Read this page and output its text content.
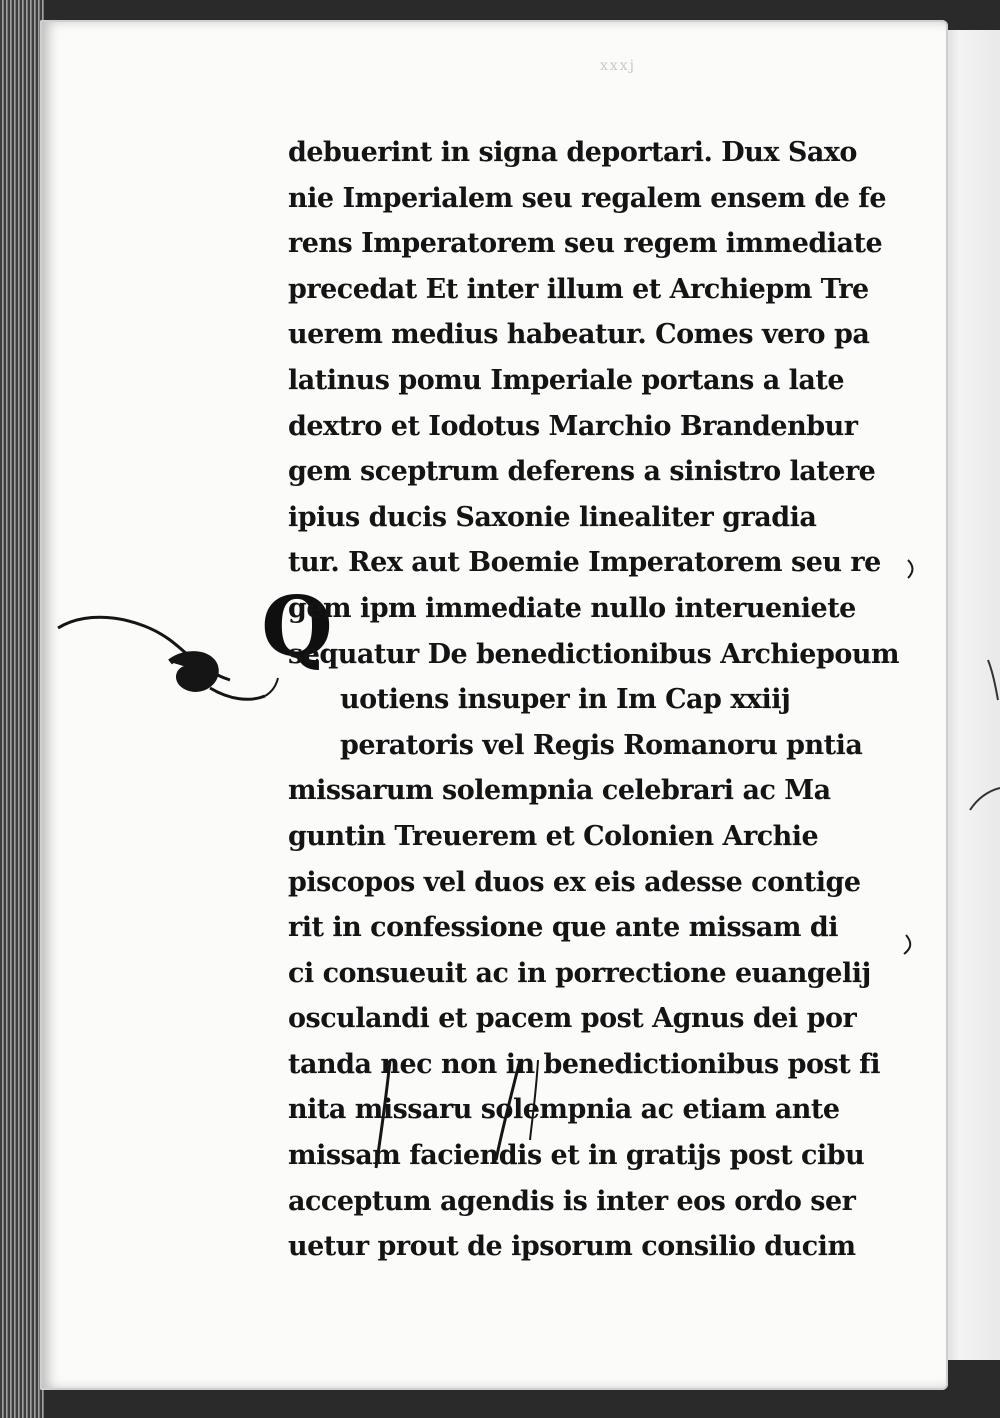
xxxj
Q
debuerint in signa deportari. Dux Saxo
nie Imperialem seu regalem ensem de fe
rens Imperatorem seu regem immediate
precedat Et inter illum et Archiepm Tre
uerem medius habeatur. Comes vero pa
latinus pomu Imperiale portans a late
dextro et Iodotus Marchio Brandenbur
gem sceptrum deferens a sinistro latere
ipius ducis Saxonie linealiter gradia
tur. Rex aut Boemie Imperatorem seu re
gem ipm immediate nullo interueniete
sequatur De benedictionibus Archiepoum
uotiens insuper in Im Cap xxiij
peratoris vel Regis Romanoru pntia
missarum solempnia celebrari ac Ma
guntin Treuerem et Colonien Archie
piscopos vel duos ex eis adesse contige
rit in confessione que ante missam di
ci consueuit ac in porrectione euangelij
osculandi et pacem post Agnus dei por
tanda nec non in benedictionibus post fi
nita missaru solempnia ac etiam ante
missam faciendis et in gratijs post cibu
acceptum agendis is inter eos ordo ser
uetur prout de ipsorum consilio ducim
